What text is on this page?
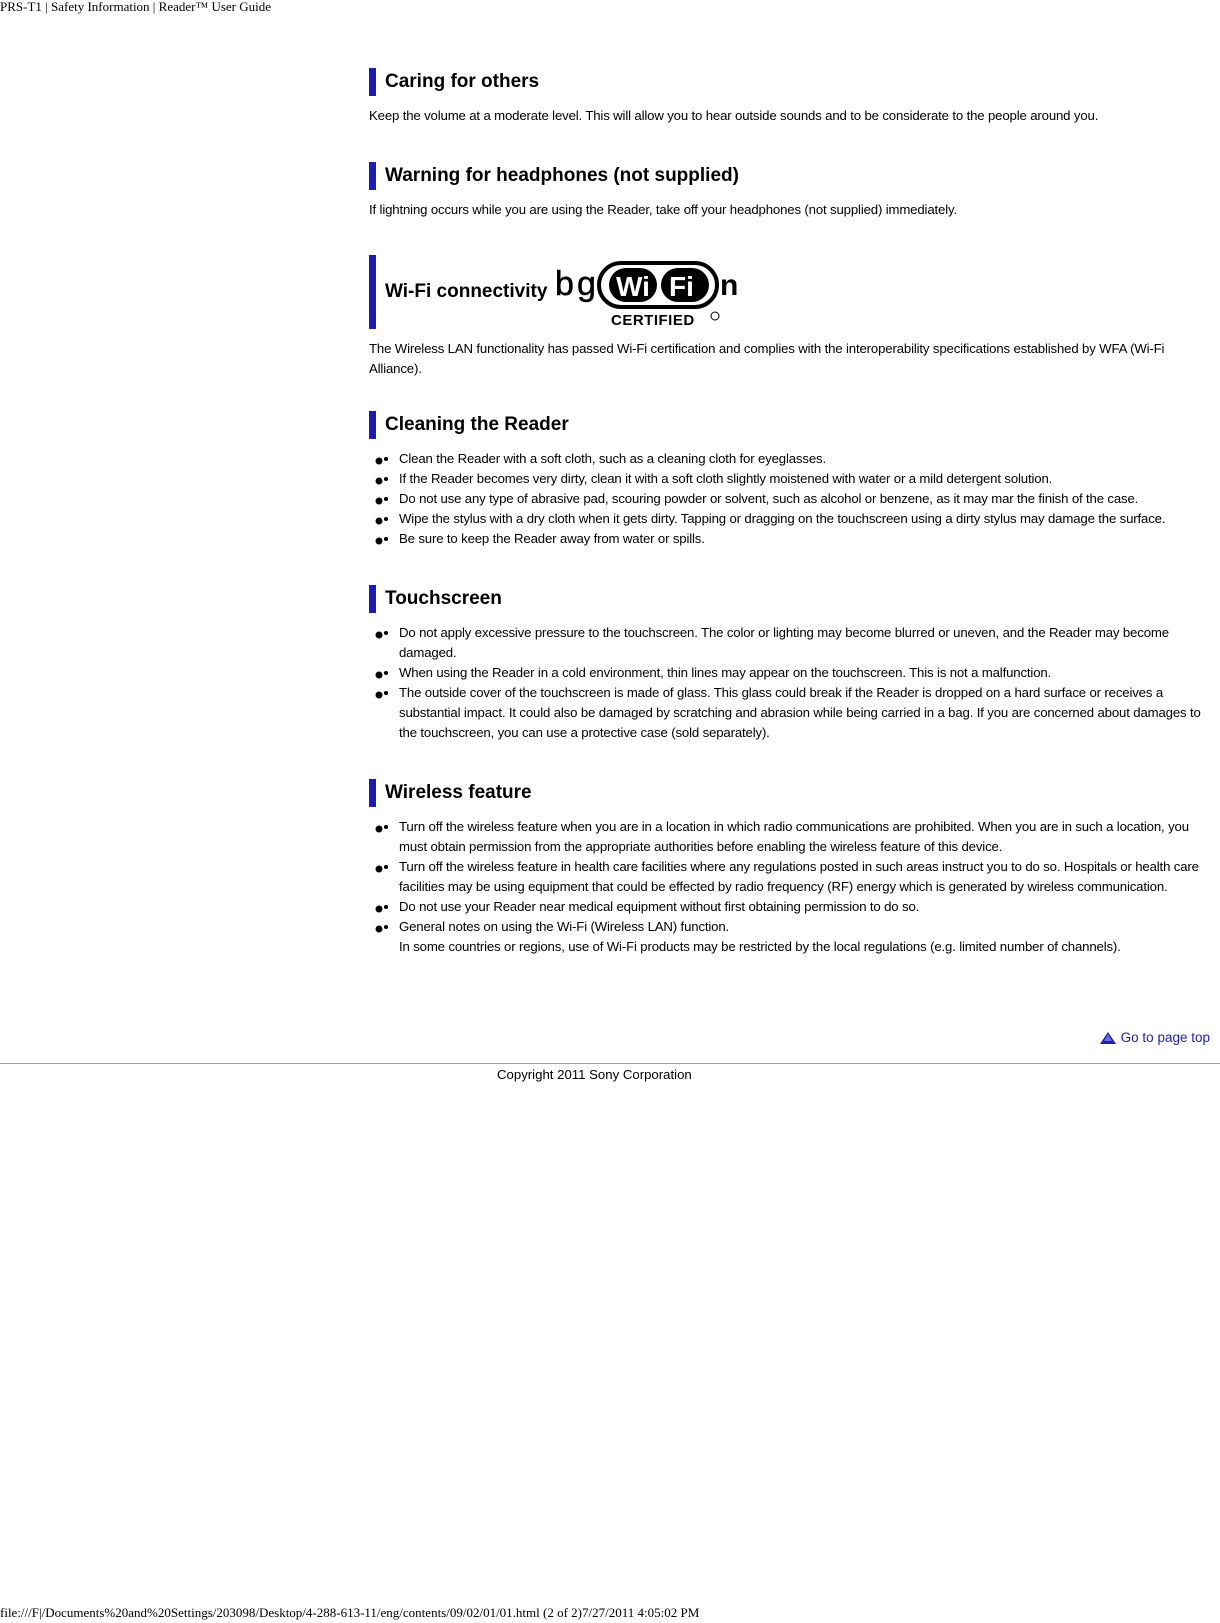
PRS-T1 | Safety Information | Reader™ User Guide
Caring for others

Keep the volume at a moderate level. This will allow you to hear outside sounds and to be considerate to the people around you.

Warning for headphones (not supplied)

If lightning occurs while you are using the Reader, take off your headphones (not supplied) immediately.

Wi-Fi connectivity b g Wi Fi n
CERTIFIED

The Wireless LAN functionality has passed Wi-Fi certification and complies with the interoperability specifications established by WFA (Wi-Fi Alliance).

Cleaning the Reader
Clean the Reader with a soft cloth, such as a cleaning cloth for eyeglasses.
If the Reader becomes very dirty, clean it with a soft cloth slightly moistened with water or a mild detergent solution.
Do not use any type of abrasive pad, scouring powder or solvent, such as alcohol or benzene, as it may mar the finish of the case.
Wipe the stylus with a dry cloth when it gets dirty. Tapping or dragging on the touchscreen using a dirty stylus may damage the surface.
Be sure to keep the Reader away from water or spills.
Touchscreen
Do not apply excessive pressure to the touchscreen. The color or lighting may become blurred or uneven, and the Reader may become damaged.
When using the Reader in a cold environment, thin lines may appear on the touchscreen. This is not a malfunction.
The outside cover of the touchscreen is made of glass. This glass could break if the Reader is dropped on a hard surface or receives a substantial impact. It could also be damaged by scratching and abrasion while being carried in a bag. If you are concerned about damages to the touchscreen, you can use a protective case (sold separately).
Wireless feature
Turn off the wireless feature when you are in a location in which radio communications are prohibited. When you are in such a location, you must obtain permission from the appropriate authorities before enabling the wireless feature of this device.
Turn off the wireless feature in health care facilities where any regulations posted in such areas instruct you to do so. Hospitals or health care facilities may be using equipment that could be effected by radio frequency (RF) energy which is generated by wireless communication.
Do not use your Reader near medical equipment without first obtaining permission to do so.
General notes on using the Wi-Fi (Wireless LAN) function.
In some countries or regions, use of Wi-Fi products may be restricted by the local regulations (e.g. limited number of channels).
Go to page top
Copyright 2011 Sony Corporation
file:///F|/Documents%20and%20Settings/203098/Desktop/4-288-613-11/eng/contents/09/02/01/01.html (2 of 2)7/27/2011 4:05:02 PM
